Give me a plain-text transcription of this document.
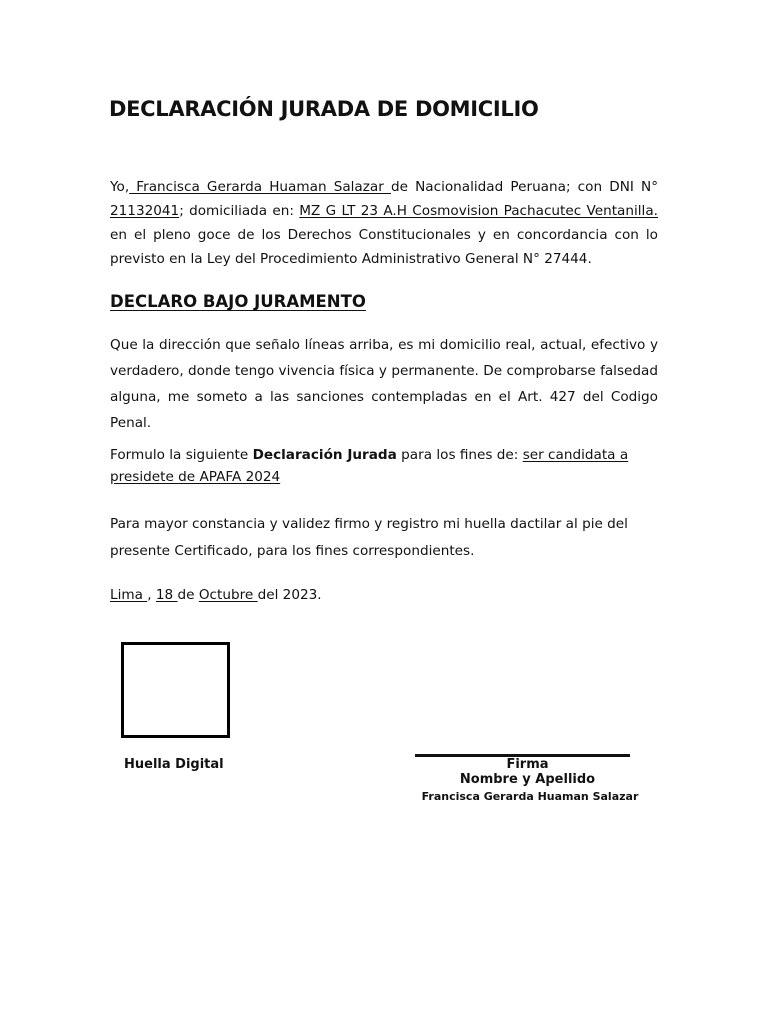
DECLARACIÓN JURADA DE DOMICILIO

Yo, Francisca Gerarda Huaman Salazar de Nacionalidad Peruana; con DNI N° 21132041; domiciliada en: MZ G LT 23 A.H Cosmovision Pachacutec Ventanilla. en el pleno goce de los Derechos Constitucionales y en concordancia con lo previsto en la Ley del Procedimiento Administrativo General N° 27444.

DECLARO BAJO JURAMENTO

Que la dirección que señalo líneas arriba, es mi domicilio real, actual, efectivo y verdadero, donde tengo vivencia física y permanente. De comprobarse falsedad alguna, me someto a las sanciones contempladas en el Art. 427 del Codigo Penal.

Formulo la siguiente Declaración Jurada para los fines de: ser candidata a presidete de APAFA 2024

Para mayor constancia y validez firmo y registro mi huella dactilar al pie del presente Certificado, para los fines correspondientes.

Lima , 18 de Octubre del 2023.

Huella Digital	Firma

Nombre y Apellido

Francisca Gerarda Huaman Salazar
